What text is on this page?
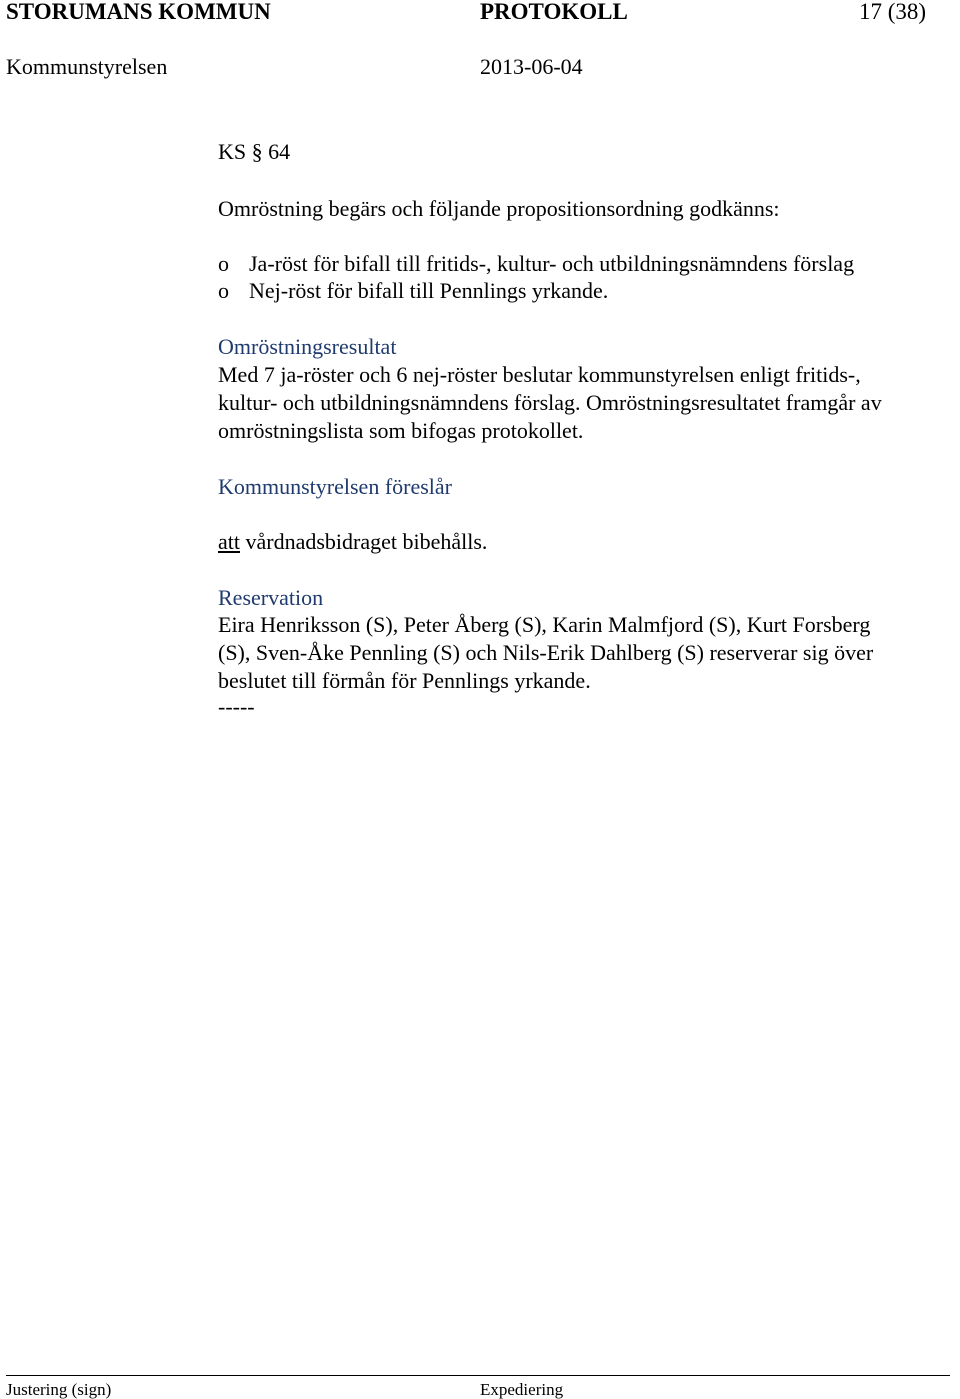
STORUMANS KOMMUN	PROTOKOLL	17 (38)
Kommunstyrelsen	2013-06-04
KS § 64
Omröstning begärs och följande propositionsordning godkänns:
o Ja-röst för bifall till fritids-, kultur- och utbildningsnämndens förslag
o Nej-röst för bifall till Pennlings yrkande.
Omröstningsresultat
Med 7 ja-röster och 6 nej-röster beslutar kommunstyrelsen enligt fritids-,
kultur- och utbildningsnämndens förslag. Omröstningsresultatet framgår av
omröstningslista som bifogas protokollet.
Kommunstyrelsen föreslår
att vårdnadsbidraget bibehålls.
Reservation
Eira Henriksson (S), Peter Åberg (S), Karin Malmfjord (S), Kurt Forsberg
(S), Sven-Åke Pennling (S) och Nils-Erik Dahlberg (S) reserverar sig över
beslutet till förmån för Pennlings yrkande.
-----
Justering (sign)	Expediering
